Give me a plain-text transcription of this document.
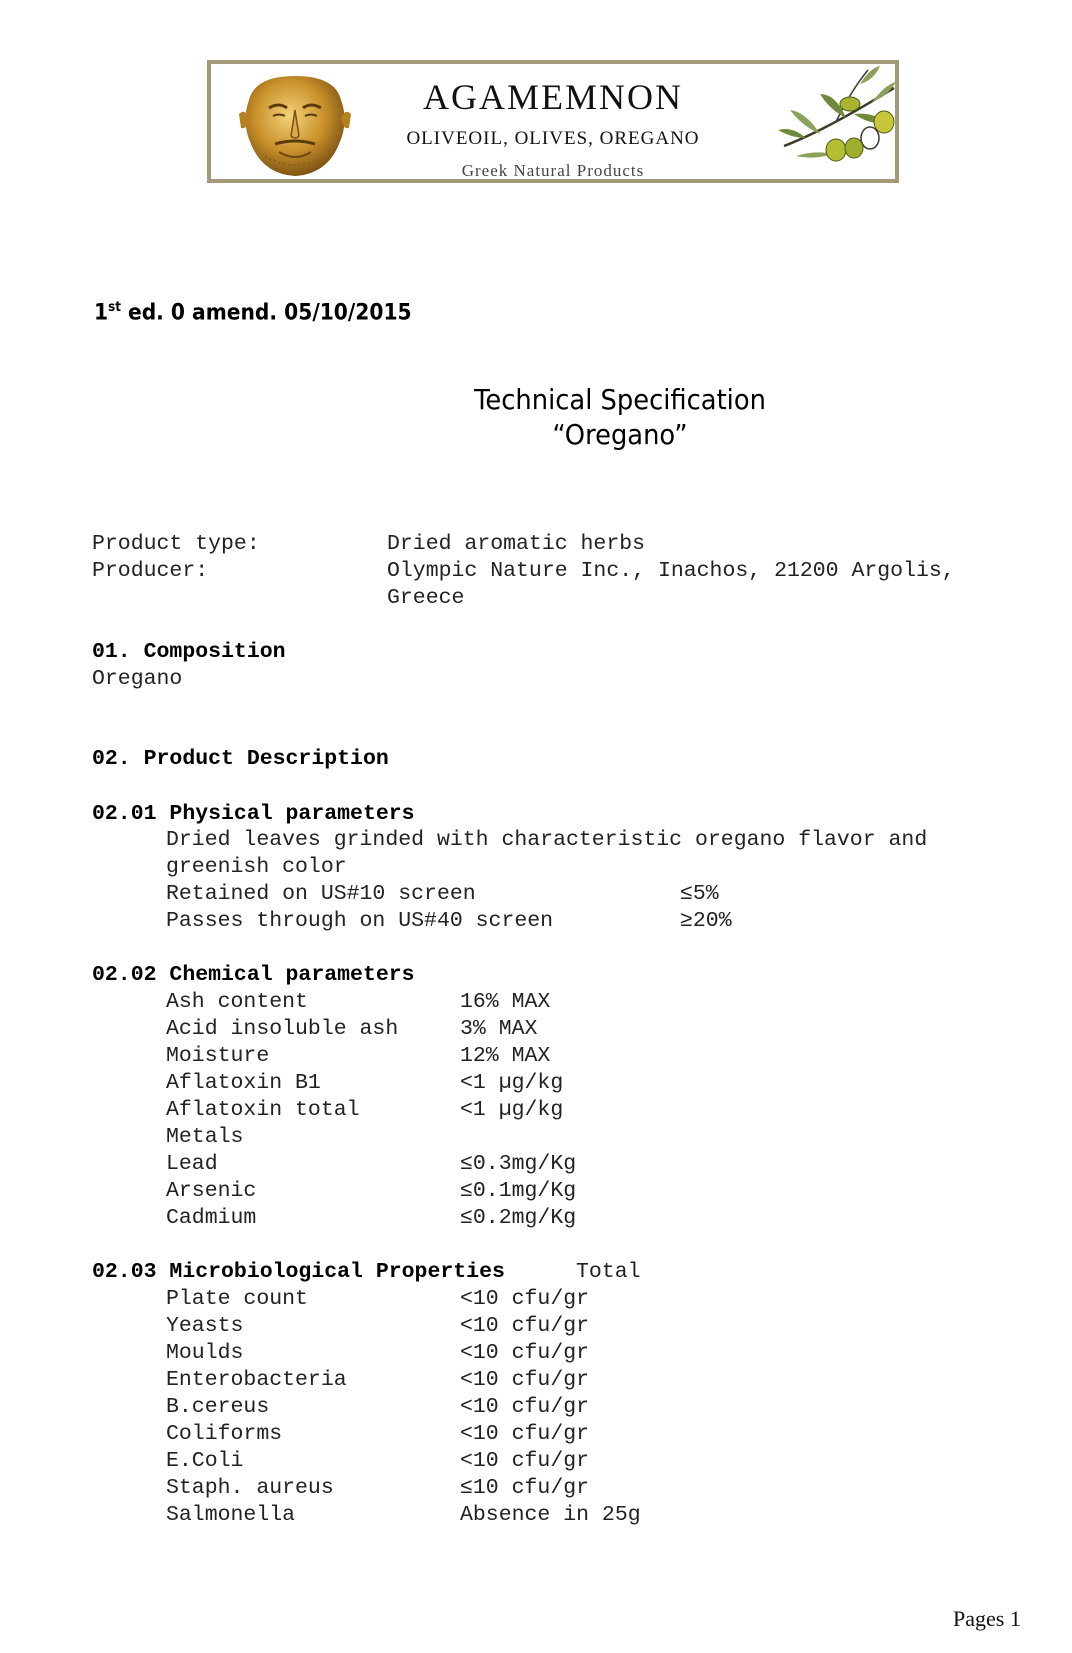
AGAMEMNON
OLIVEOIL, OLIVES, OREGANO
Greek Natural Products
1st ed. 0 amend. 05/10/2015
Technical Specification
“Oregano”
Product type:	Dried aromatic herbs
Producer:	Olympic Nature Inc., Inachos, 21200 Argolis,
Greece
01. Composition
Oregano
02. Product Description
02.01 Physical parameters
Dried leaves grinded with characteristic oregano flavor and
greenish color
Retained on US#10 screen	≤5%
Passes through on US#40 screen	≥20%
02.02 Chemical parameters
Ash content	16% MAX
Acid insoluble ash	3% MAX
Moisture	12% MAX
Aflatoxin B1	<1 µg/kg
Aflatoxin total	<1 µg/kg
Metals
Lead	≤0.3mg/Kg
Arsenic	≤0.1mg/Kg
Cadmium	≤0.2mg/Kg
02.03 Microbiological Properties	Total
Plate count	<10 cfu/gr
Yeasts	<10 cfu/gr
Moulds	<10 cfu/gr
Enterobacteria	<10 cfu/gr
B.cereus	<10 cfu/gr
Coliforms	<10 cfu/gr
E.Coli	<10 cfu/gr
Staph. aureus	≤10 cfu/gr
Salmonella	Absence in 25g
Pages 1
